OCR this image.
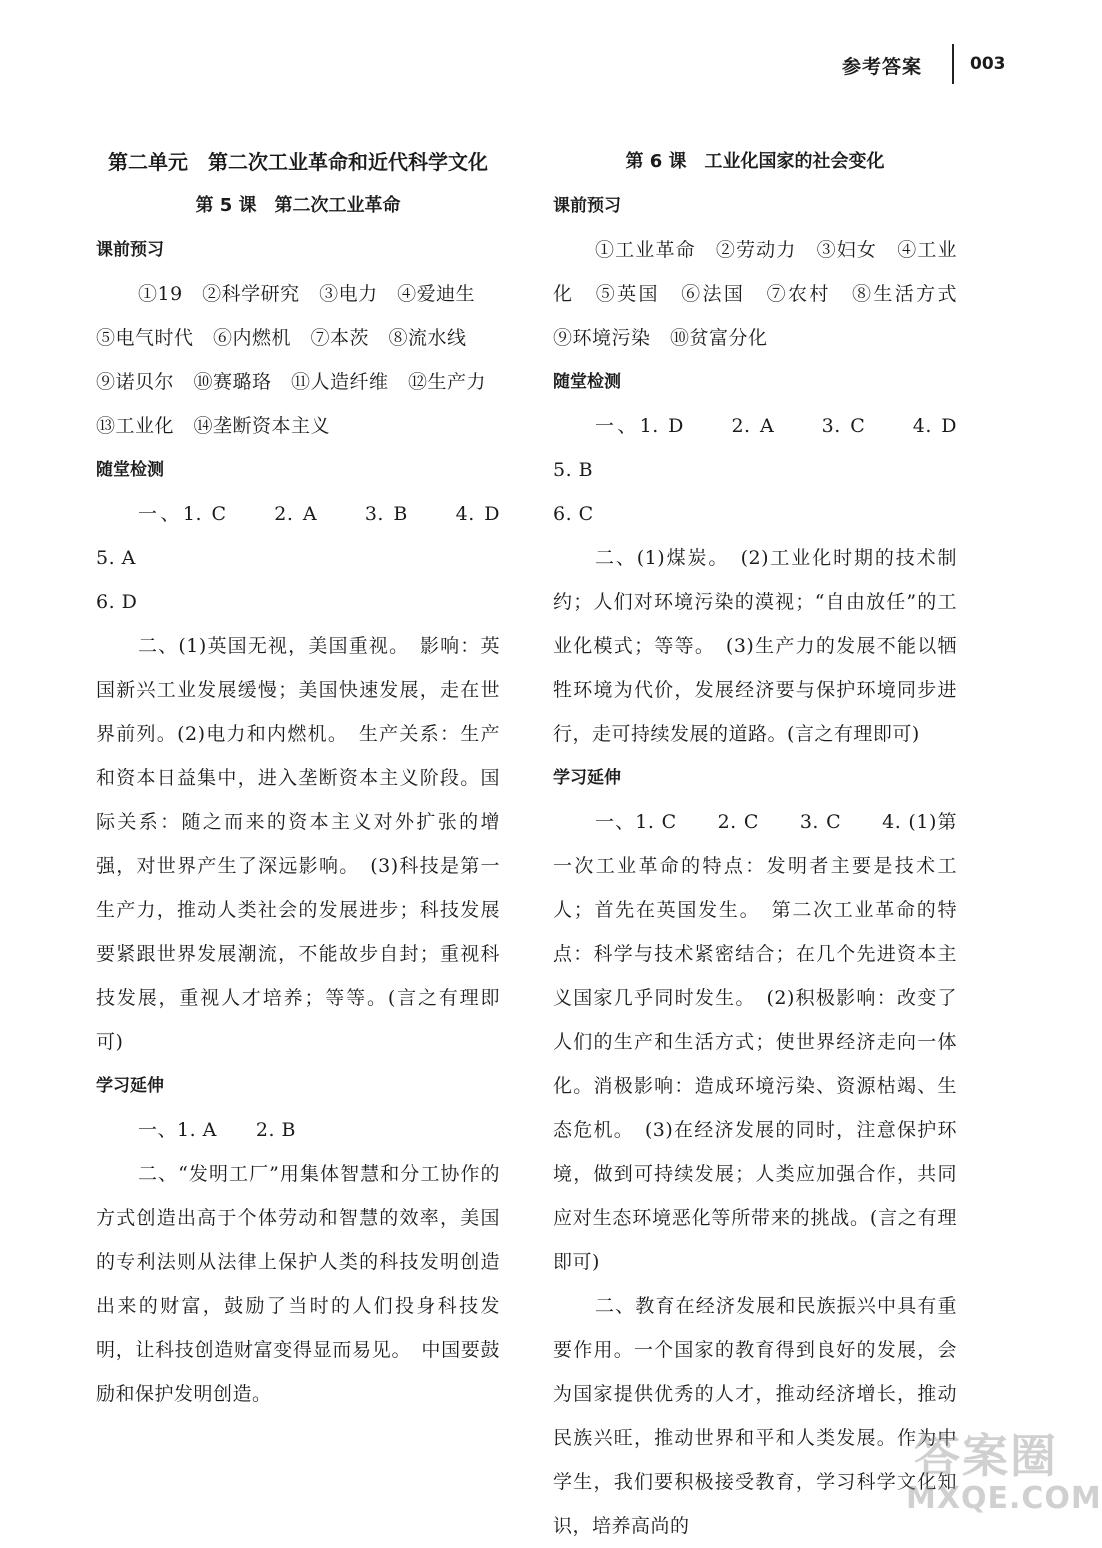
参考答案	003
第二单元　第二次工业革命和近代科学文化
第 5 课　第二次工业革命
课前预习

①19　②科学研究　③电力　④爱迪生

⑤电气时代　⑥内燃机　⑦本茨　⑧流水线

⑨诺贝尔　⑩赛璐珞　⑪人造纤维　⑫生产力

⑬工业化　⑭垄断资本主义

随堂检测

一、1. C　　2. A　　3. B　　4. D　　5. A

6. D

二、(1)英国无视，美国重视。　影响：英国新兴工业发展缓慢；美国快速发展，走在世界前列。(2)电力和内燃机。　生产关系：生产和资本日益集中，进入垄断资本主义阶段。国际关系：随之而来的资本主义对外扩张的增强，对世界产生了深远影响。　(3)科技是第一生产力，推动人类社会的发展进步；科技发展要紧跟世界发展潮流，不能故步自封；重视科技发展，重视人才培养；等等。(言之有理即可)

学习延伸

一、1. A　　2. B

二、“发明工厂”用集体智慧和分工协作的方式创造出高于个体劳动和智慧的效率，美国的专利法则从法律上保护人类的科技发明创造出来的财富，鼓励了当时的人们投身科技发明，让科技创造财富变得显而易见。　中国要鼓励和保护发明创造。

第 6 课　工业化国家的社会变化
课前预习

①工业革命　②劳动力　③妇女　④工业化　⑤英国　⑥法国　⑦农村　⑧生活方式　⑨环境污染　⑩贫富分化

随堂检测

一、1. D　　2. A　　3. C　　4. D　　5. B

6. C

二、(1)煤炭。　(2)工业化时期的技术制约；人们对环境污染的漠视；“自由放任”的工业化模式；等等。　(3)生产力的发展不能以牺牲环境为代价，发展经济要与保护环境同步进行，走可持续发展的道路。(言之有理即可)

学习延伸

一、1. C　　2. C　　3. C　　4. (1)第一次工业革命的特点：发明者主要是技术工人；首先在英国发生。　第二次工业革命的特点：科学与技术紧密结合；在几个先进资本主义国家几乎同时发生。　(2)积极影响：改变了人们的生产和生活方式；使世界经济走向一体化。消极影响：造成环境污染、资源枯竭、生态危机。　(3)在经济发展的同时，注意保护环境，做到可持续发展；人类应加强合作，共同应对生态环境恶化等所带来的挑战。(言之有理即可)

二、教育在经济发展和民族振兴中具有重要作用。一个国家的教育得到良好的发展，会为国家提供优秀的人才，推动经济增长，推动民族兴旺，推动世界和平和人类发展。作为中学生，我们要积极接受教育，学习科学文化知识，培养高尚的

答案圈
MXQE.COM
